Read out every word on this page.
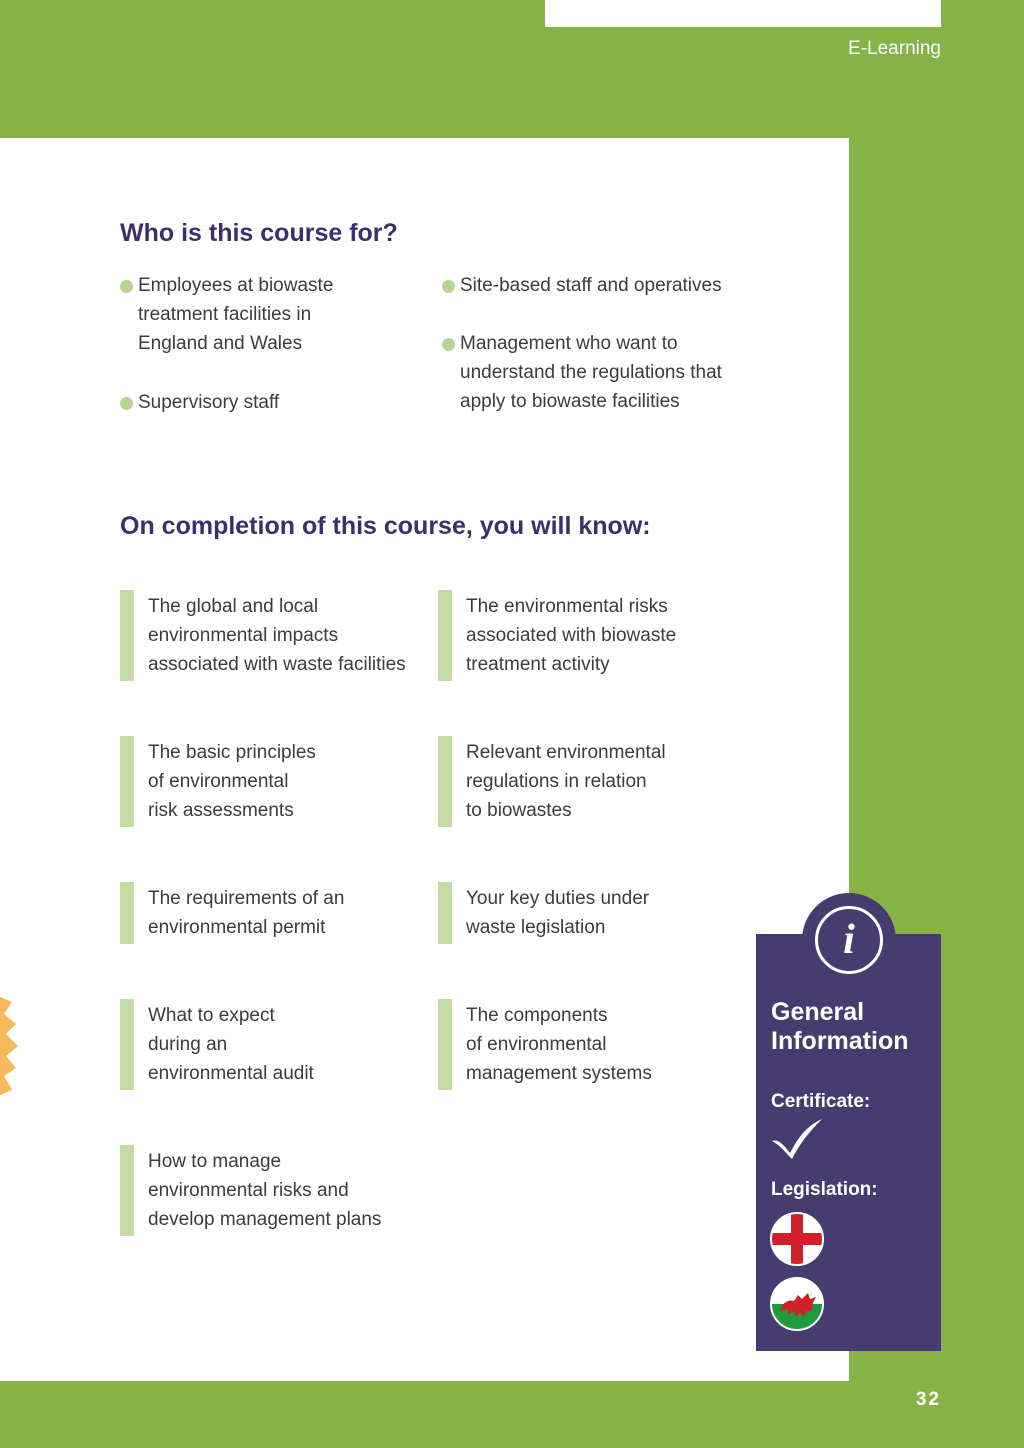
E-Learning
Who is this course for?
Employees at biowaste
treatment facilities in
England and Wales
Supervisory staff
Site-based staff and operatives
Management who want to
understand the regulations that
apply to biowaste facilities
On completion of this course, you will know:
The global and local
environmental impacts
associated with waste facilities
The environmental risks
associated with biowaste
treatment activity
The basic principles
of environmental
risk assessments
Relevant environmental
regulations in relation
to biowastes
The requirements of an
environmental permit
Your key duties under
waste legislation
What to expect
during an
environmental audit
The components
of environmental
management systems
How to manage
environmental risks and
develop management plans
i
General
Information
Certificate:
Legislation:
32
